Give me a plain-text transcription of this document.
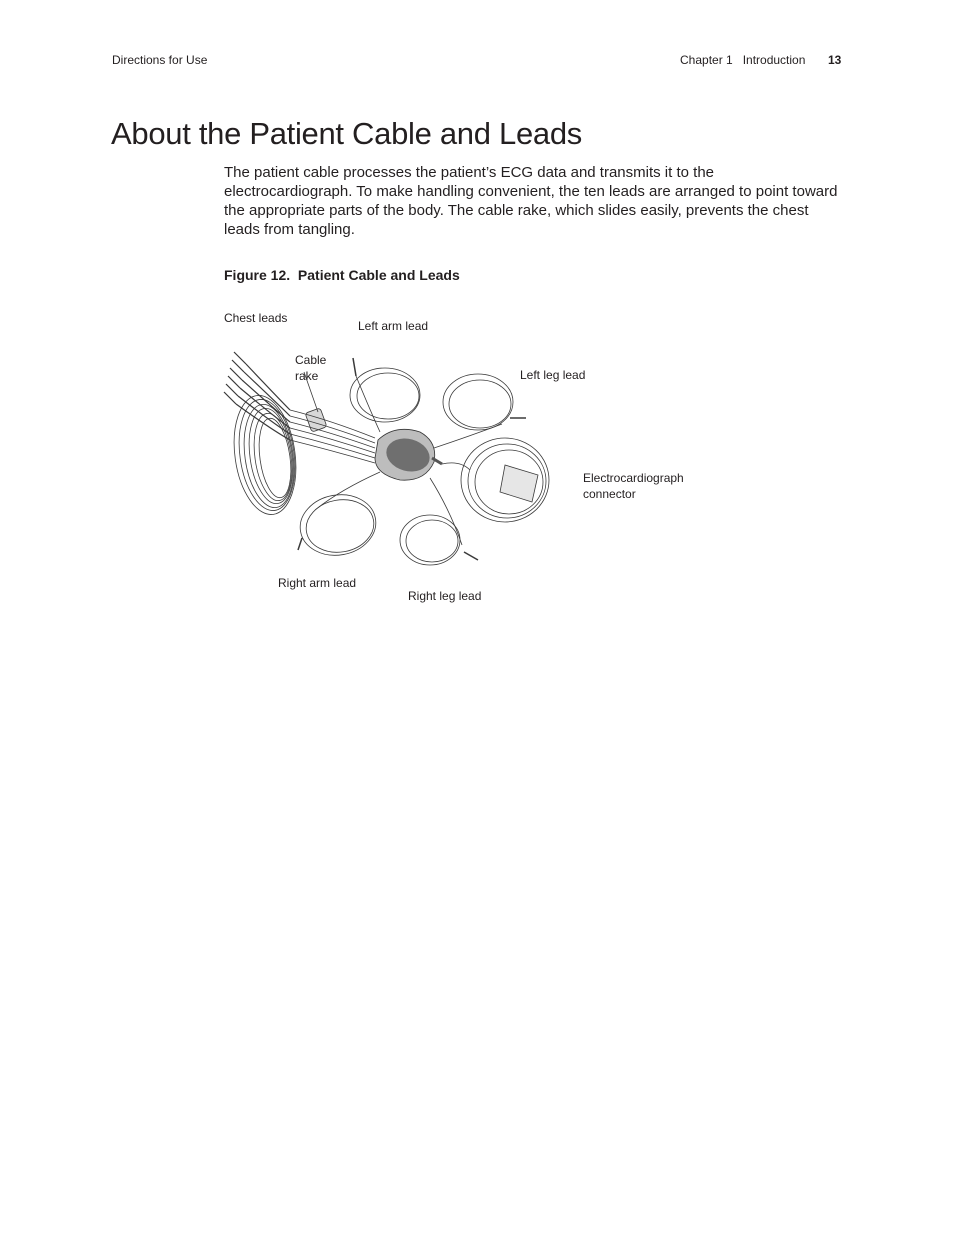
Directions for Use	Chapter 1   Introduction 13
About the Patient Cable and Leads

The patient cable processes the patient’s ECG data and transmits it to the electrocardiograph. To make handling convenient, the ten leads are arranged to point toward the appropriate parts of the body. The cable rake, which slides easily, prevents the chest leads from tangling.

Figure 12.  Patient Cable and Leads
Chest leads
Left arm lead
Cable
rake	Left leg lead
Electrocardiograph
connector
Right arm lead
Right leg lead
